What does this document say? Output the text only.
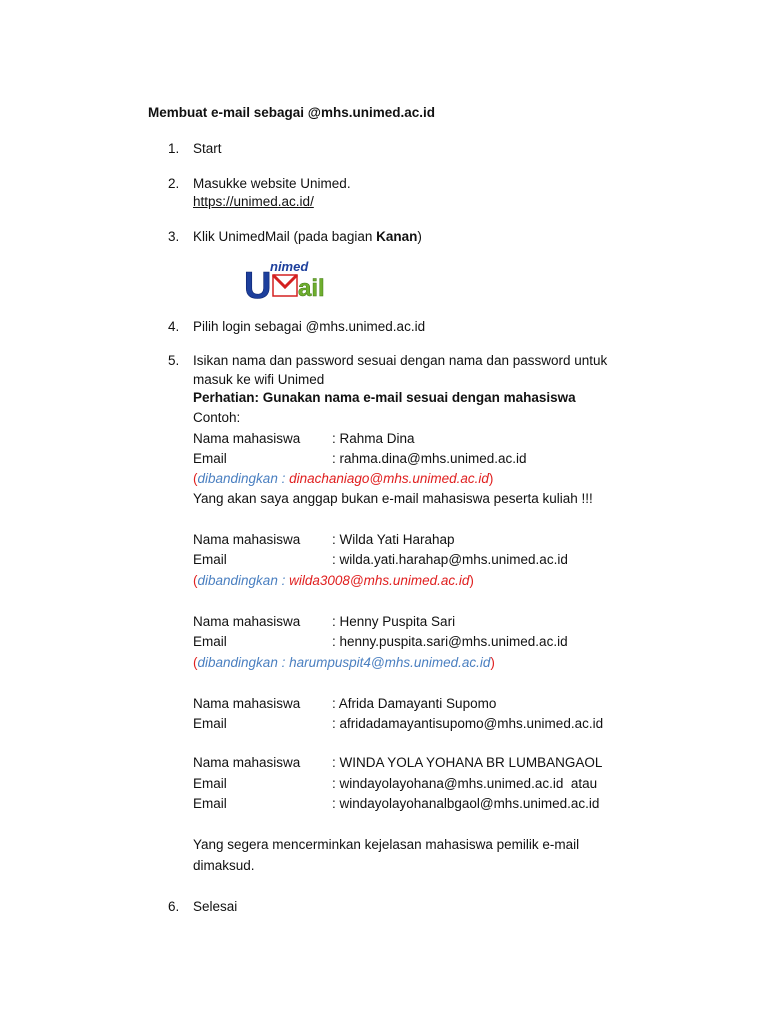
Membuat e-mail sebagai @mhs.unimed.ac.id
1. Start
2. Masukke website Unimed.
https://unimed.ac.id/
3. Klik UnimedMail (pada bagian Kanan)
U
nimed
ail
4. Pilih login sebagai @mhs.unimed.ac.id
5. Isikan nama dan password sesuai dengan nama dan password untuk
masuk ke wifi Unimed
Perhatian: Gunakan nama e-mail sesuai dengan mahasiswa
Contoh:
Nama mahasiswa : Rahma Dina
Email	: rahma.dina@mhs.unimed.ac.id
(dibandingkan : dinachaniago@mhs.unimed.ac.id)
Yang akan saya anggap bukan e-mail mahasiswa peserta kuliah !!!
Nama mahasiswa : Wilda Yati Harahap
Email	: wilda.yati.harahap@mhs.unimed.ac.id
(dibandingkan : wilda3008@mhs.unimed.ac.id)
Nama mahasiswa : Henny Puspita Sari
Email	: henny.puspita.sari@mhs.unimed.ac.id
(dibandingkan : harumpuspit4@mhs.unimed.ac.id)
Nama mahasiswa : Afrida Damayanti Supomo
Email	: afridadamayantisupomo@mhs.unimed.ac.id
Nama mahasiswa : WINDA YOLA YOHANA BR LUMBANGAOL
Email	: windayolayohana@mhs.unimed.ac.id  atau
Email	: windayolayohanalbgaol@mhs.unimed.ac.id
Yang segera mencerminkan kejelasan mahasiswa pemilik e-mail
dimaksud.
6. Selesai
